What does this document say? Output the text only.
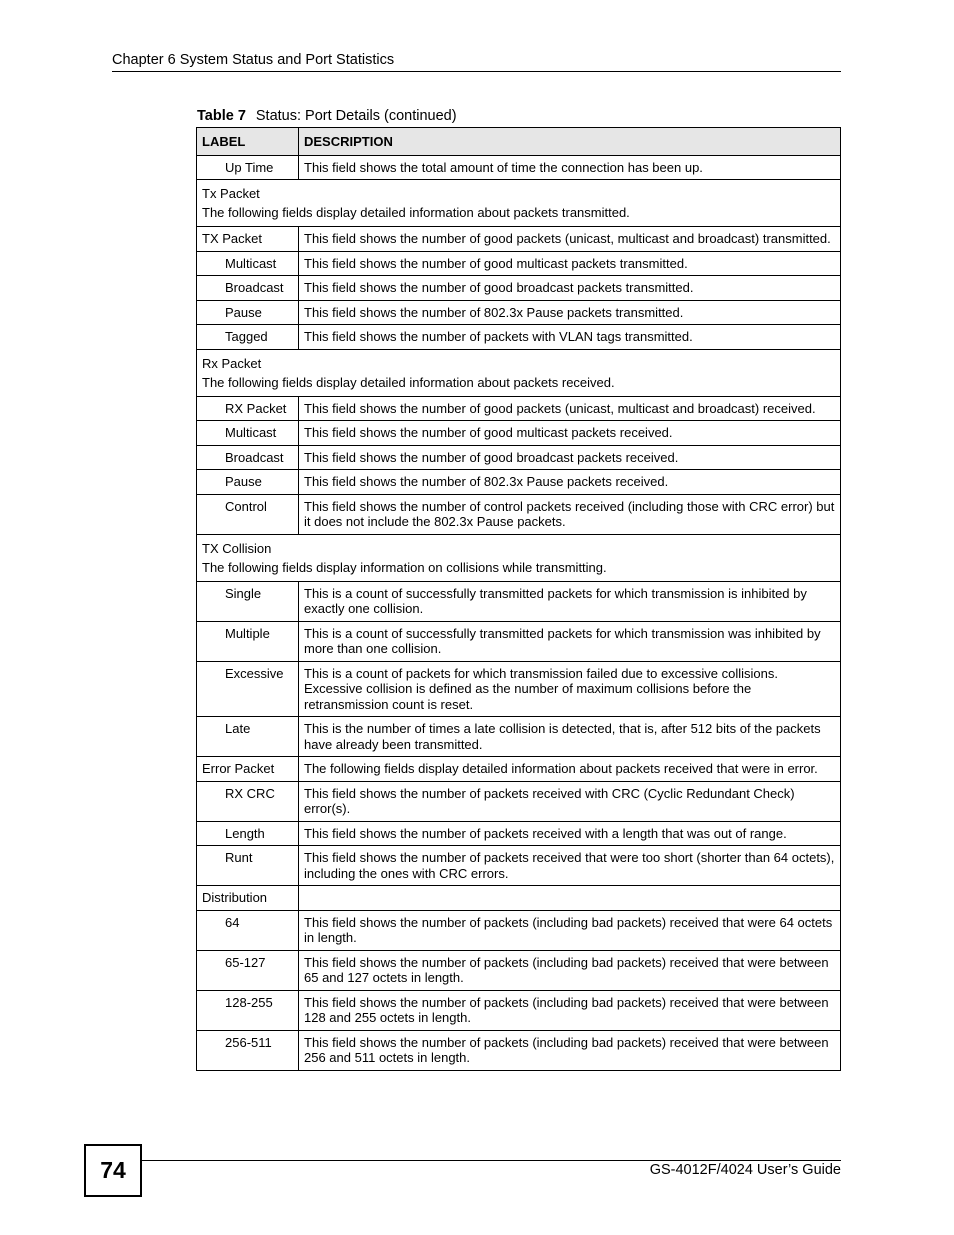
Chapter 6 System Status and Port Statistics
Table 7 Status: Port Details (continued)
LABEL	DESCRIPTION
Up Time	This field shows the total amount of time the connection has been up.

Tx Packet
The following fields display detailed information about packets transmitted.	

TX Packet	This field shows the number of good packets (unicast, multicast and broadcast) transmitted.
Multicast	This field shows the number of good multicast packets transmitted.
Broadcast	This field shows the number of good broadcast packets transmitted.
Pause	This field shows the number of 802.3x Pause packets transmitted.
Tagged	This field shows the number of packets with VLAN tags transmitted.

Rx Packet
The following fields display detailed information about packets received.	

RX Packet	This field shows the number of good packets (unicast, multicast and broadcast) received.
Multicast	This field shows the number of good multicast packets received.
Broadcast	This field shows the number of good broadcast packets received.
Pause	This field shows the number of 802.3x Pause packets received.
Control	This field shows the number of control packets received (including those with CRC error) but it does not include the 802.3x Pause packets.

TX Collision
The following fields display information on collisions while transmitting.	

Single	This is a count of successfully transmitted packets for which transmission is inhibited by exactly one collision.
Multiple	This is a count of successfully transmitted packets for which transmission was inhibited by more than one collision.
Excessive	This is a count of packets for which transmission failed due to excessive collisions. Excessive collision is defined as the number of maximum collisions before the retransmission count is reset.
Late	This is the number of times a late collision is detected, that is, after 512 bits of the packets have already been transmitted.
Error Packet	The following fields display detailed information about packets received that were in error.
RX CRC	This field shows the number of packets received with CRC (Cyclic Redundant Check) error(s).
Length	This field shows the number of packets received with a length that was out of range.
Runt	This field shows the number of packets received that were too short (shorter than 64 octets), including the ones with CRC errors.
Distribution	
64	This field shows the number of packets (including bad packets) received that were 64 octets in length.
65-127	This field shows the number of packets (including bad packets) received that were between 65 and 127 octets in length.
128-255	This field shows the number of packets (including bad packets) received that were between 128 and 255 octets in length.
256-511	This field shows the number of packets (including bad packets) received that were between 256 and 511 octets in length.
74	GS-4012F/4024 User’s Guide
